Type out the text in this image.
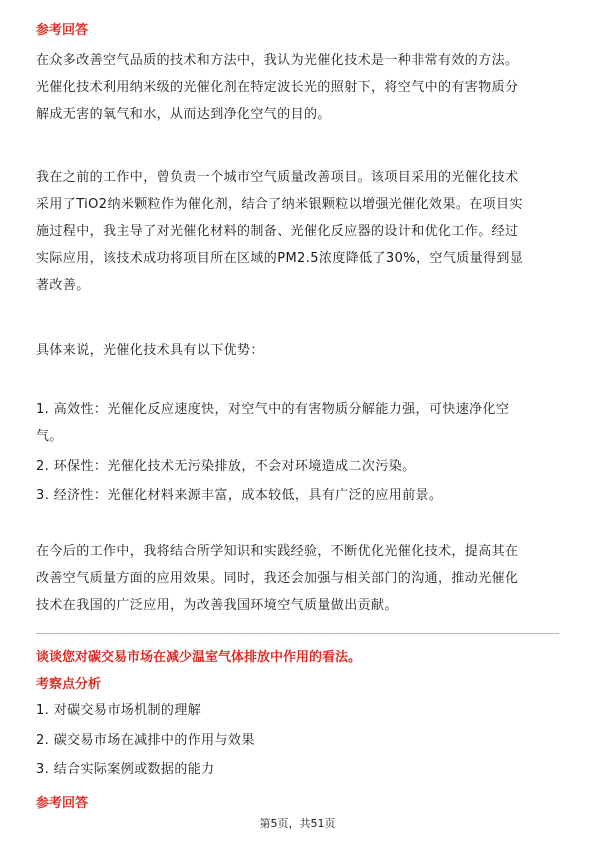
参考回答
在众多改善空气品质的技术和方法中，我认为光催化技术是一种非常有效的方法。
光催化技术利用纳米级的光催化剂在特定波长光的照射下，将空气中的有害物质分
解成无害的氧气和水，从而达到净化空气的目的。
我在之前的工作中，曾负责一个城市空气质量改善项目。该项目采用的光催化技术
采用了TiO2纳米颗粒作为催化剂，结合了纳米银颗粒以增强光催化效果。在项目实
施过程中，我主导了对光催化材料的制备、光催化反应器的设计和优化工作。经过
实际应用，该技术成功将项目所在区域的PM2.5浓度降低了30%，空气质量得到显
著改善。
具体来说，光催化技术具有以下优势：
1. 高效性：光催化反应速度快，对空气中的有害物质分解能力强，可快速净化空
气。
2. 环保性：光催化技术无污染排放，不会对环境造成二次污染。
3. 经济性：光催化材料来源丰富，成本较低，具有广泛的应用前景。
在今后的工作中，我将结合所学知识和实践经验，不断优化光催化技术，提高其在
改善空气质量方面的应用效果。同时，我还会加强与相关部门的沟通，推动光催化
技术在我国的广泛应用，为改善我国环境空气质量做出贡献。
谈谈您对碳交易市场在减少温室气体排放中作用的看法。
考察点分析
1. 对碳交易市场机制的理解
2. 碳交易市场在减排中的作用与效果
3. 结合实际案例或数据的能力
参考回答
第5页，共51页
